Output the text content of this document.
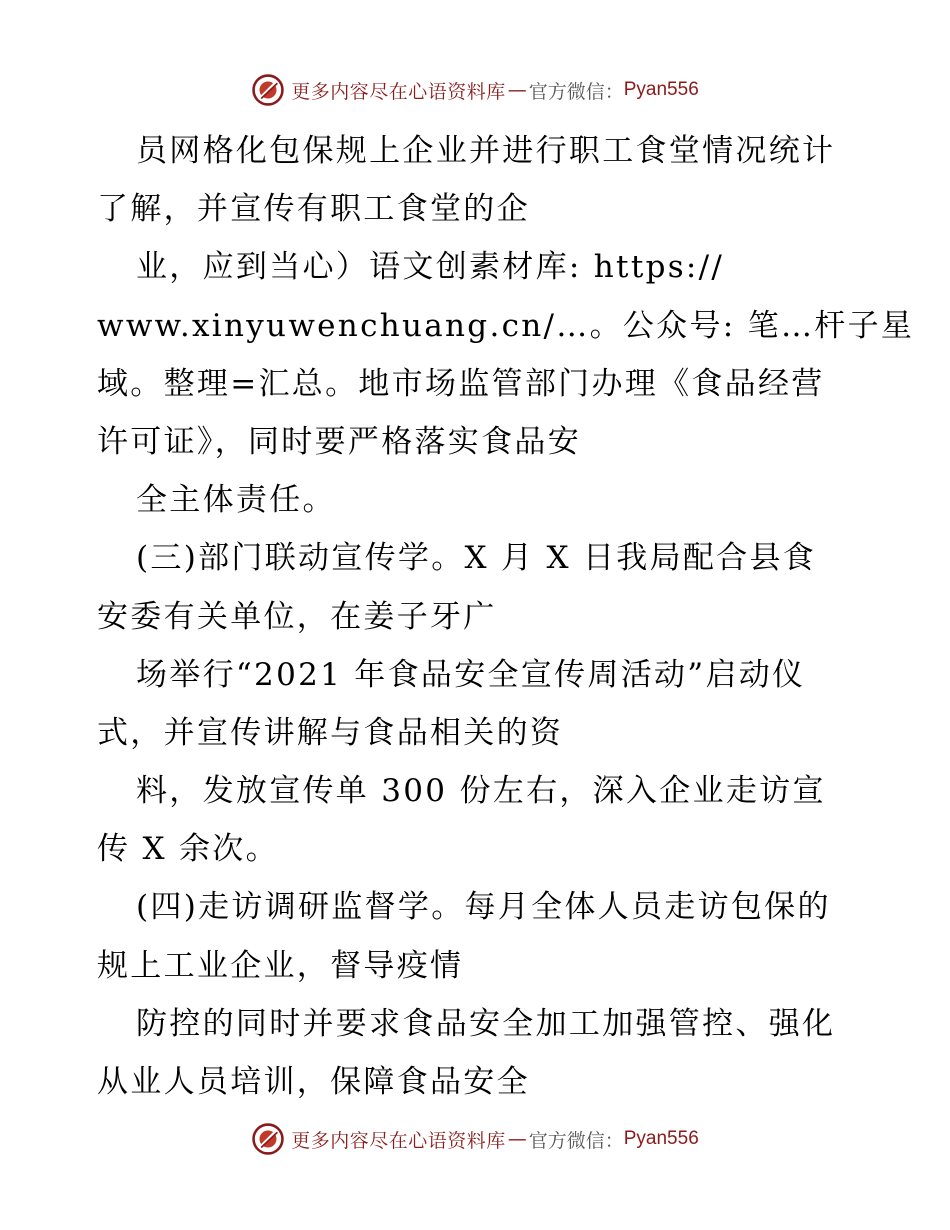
更多内容尽在心语资料库 — 官方微信： Pyan556
员网格化包保规上企业并进行职工食堂情况统计
了解，并宣传有职工食堂的企
业，应到当心）语文创素材库: https://
www.xinyuwenchuang.cn/…。公众号: 笔…杆子星
域。整理=汇总。地市场监管部门办理《食品经营
许可证》，同时要严格落实食品安
全主体责任。
(三)部门联动宣传学。X 月 X 日我局配合县食
安委有关单位，在姜子牙广
场举行“2021 年食品安全宣传周活动”启动仪
式，并宣传讲解与食品相关的资
料，发放宣传单 300 份左右，深入企业走访宣
传 X 余次。
(四)走访调研监督学。每月全体人员走访包保的
规上工业企业，督导疫情
防控的同时并要求食品安全加工加强管控、强化
从业人员培训，保障食品安全
更多内容尽在心语资料库 — 官方微信： Pyan556
